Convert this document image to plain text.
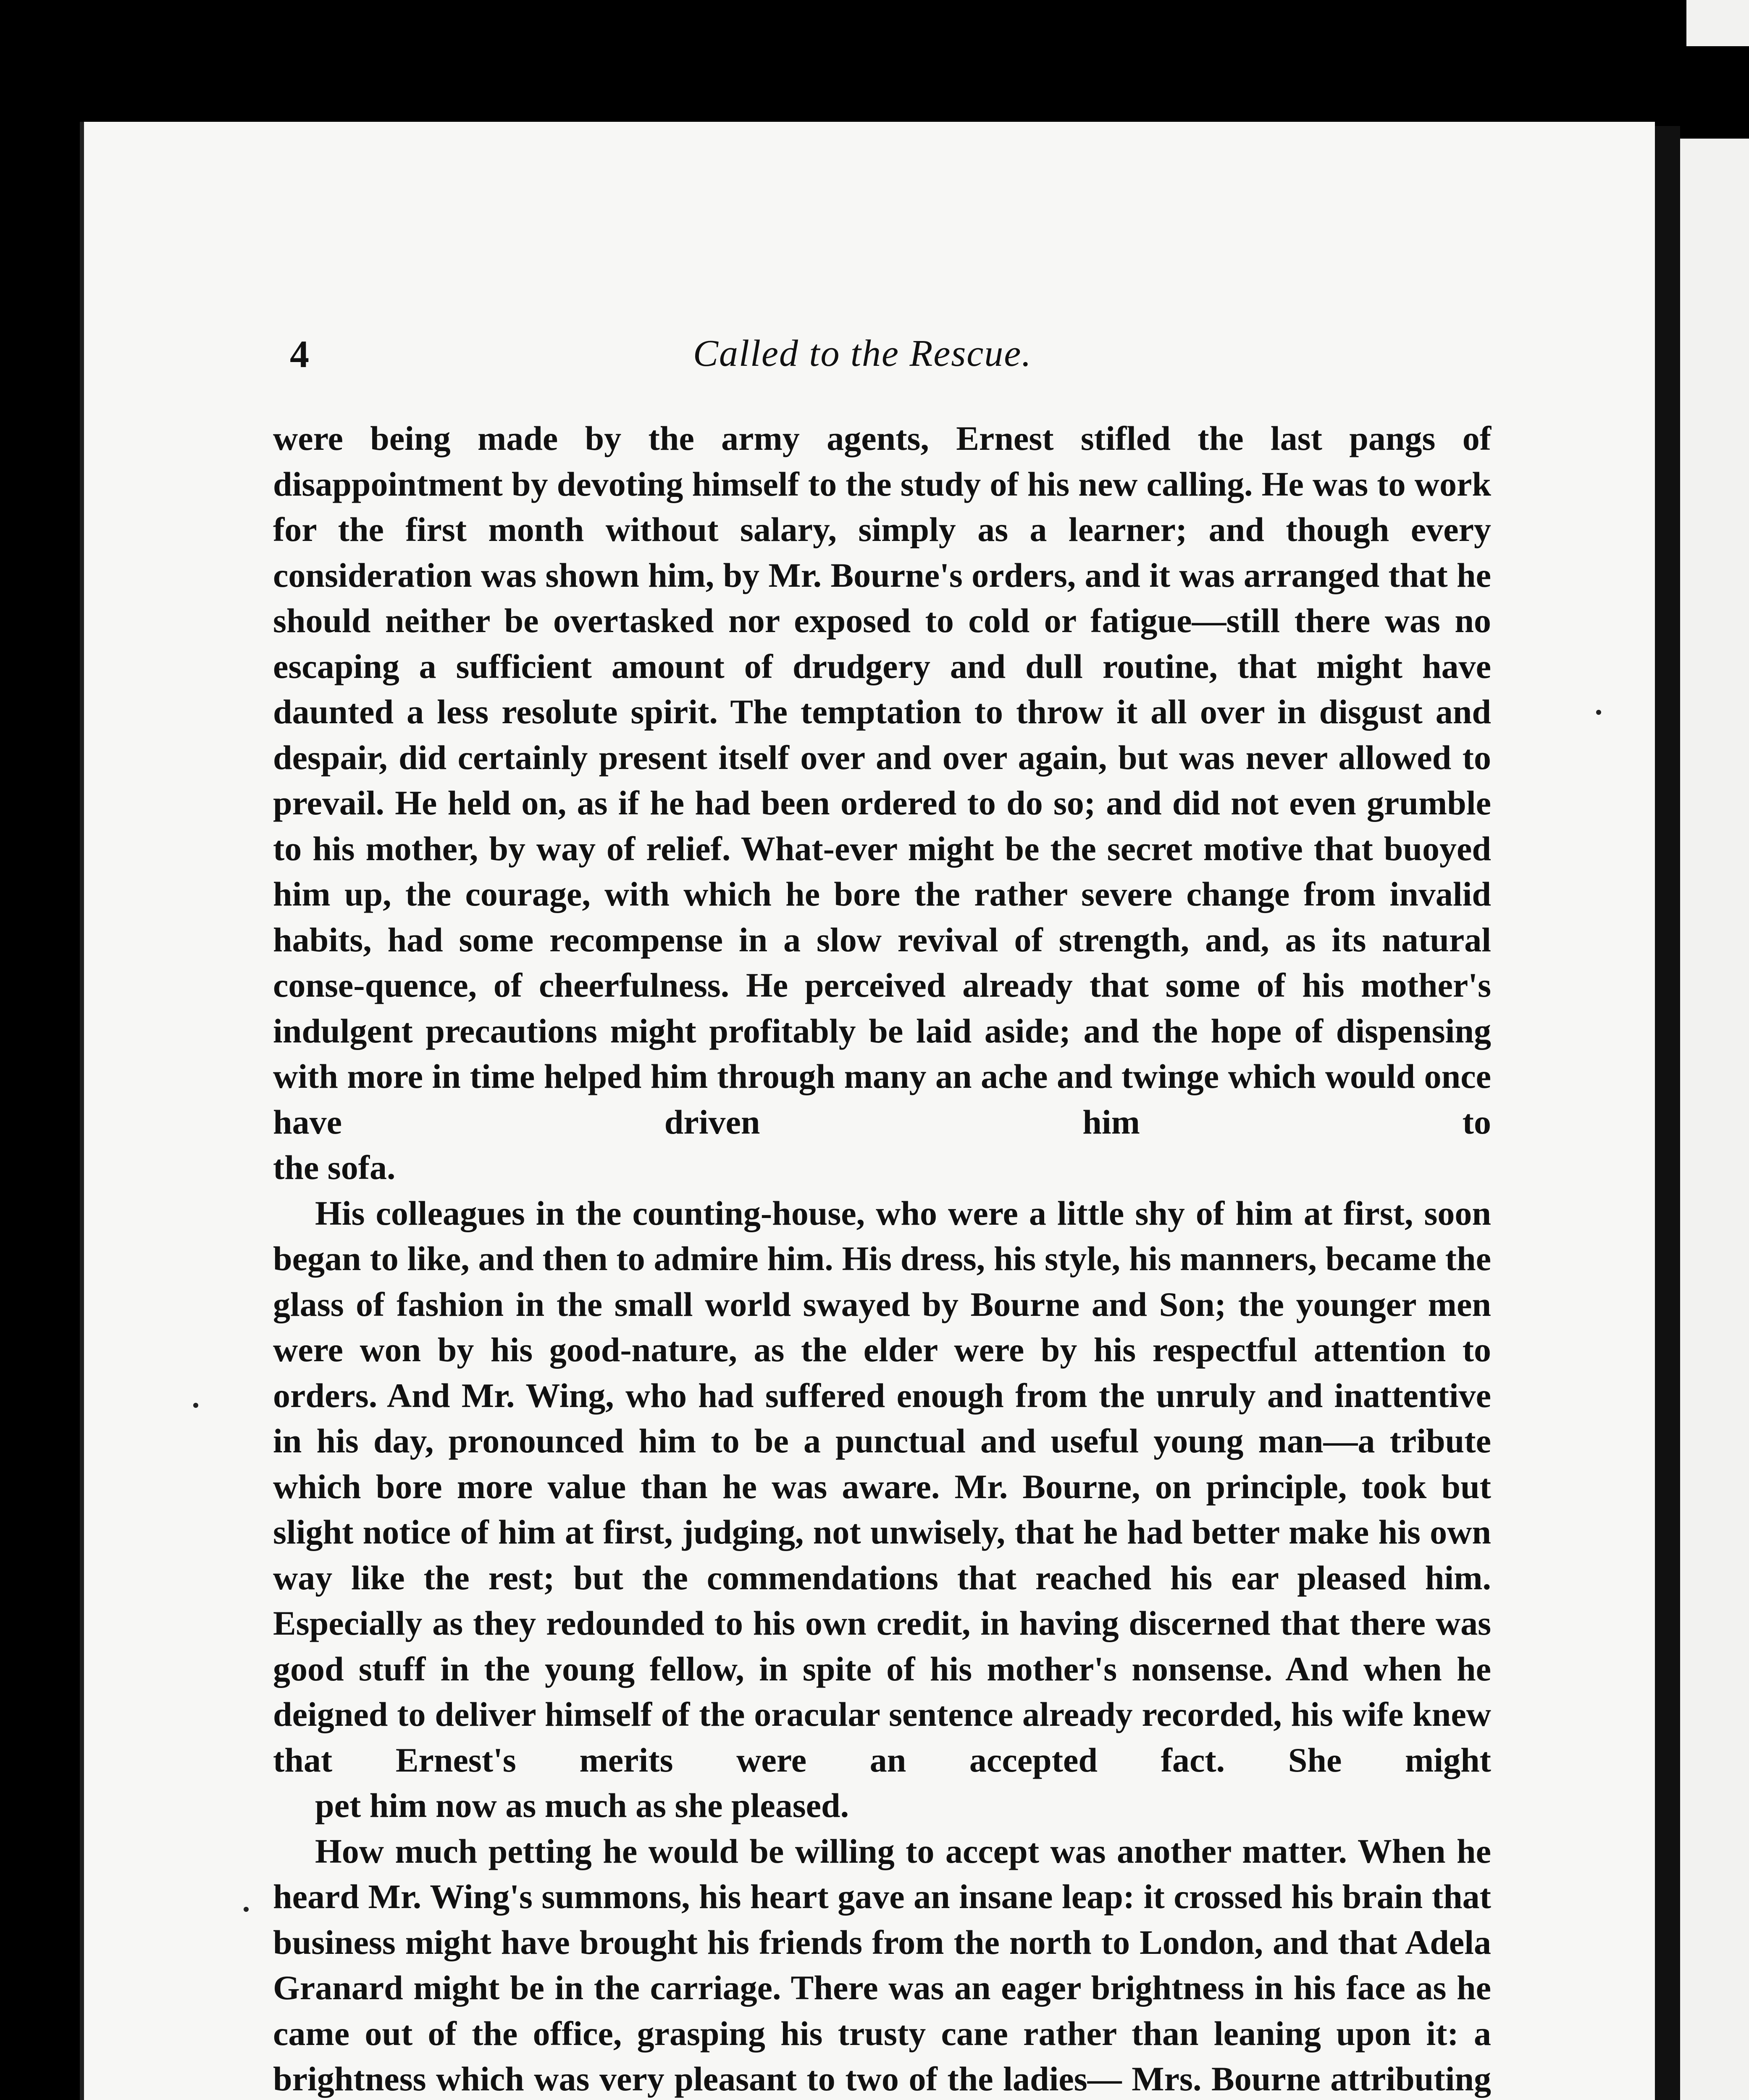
4	Called to the Rescue.

were being made by the army agents, Ernest stifled the last pangs of disappointment by devoting himself to the study of his new calling. He was to work for the first month without salary, simply as a learner; and though every consideration was shown him, by Mr. Bourne's orders, and it was arranged that he should neither be overtasked nor exposed to cold or fatigue—still there was no escaping a sufficient amount of drudgery and dull routine, that might have daunted a less resolute spirit. The temptation to throw it all over in disgust and despair, did certainly present itself over and over again, but was never allowed to prevail. He held on, as if he had been ordered to do so; and did not even grumble to his mother, by way of relief. What-ever might be the secret motive that buoyed him up, the courage, with which he bore the rather severe change from invalid habits, had some recompense in a slow revival of strength, and, as its natural conse-quence, of cheerfulness. He perceived already that some of his mother's indulgent precautions might profitably be laid aside; and the hope of dispensing with more in time helped him through many an ache and twinge which would once have driven him to
the sofa.

His colleagues in the counting-house, who were a little shy of him at first, soon began to like, and then to admire him. His dress, his style, his manners, became the glass of fashion in the small world swayed by Bourne and Son; the younger men were won by his good-nature, as the elder were by his respectful attention to orders. And Mr. Wing, who had suffered enough from the unruly and inattentive in his day, pronounced him to be a punctual and useful young man—a tribute which bore more value than he was aware. Mr. Bourne, on principle, took but slight notice of him at first, judging, not unwisely, that he had better make his own way like the rest; but the commendations that reached his ear pleased him. Especially as they redounded to his own credit, in having discerned that there was good stuff in the young fellow, in spite of his mother's nonsense. And when he deigned to deliver himself of the oracular sentence already recorded, his wife knew that Ernest's merits were an accepted fact. She might
pet him now as much as she pleased.

How much petting he would be willing to accept was another matter. When he heard Mr. Wing's summons, his heart gave an insane leap: it crossed his brain that business might have brought his friends from the north to London, and that Adela Granard might be in the carriage. There was an eager brightness in his face as he came out of the office, grasping his trusty cane rather than leaning upon it: a brightness which was very pleasant to two of the ladies— Mrs. Bourne attributing
